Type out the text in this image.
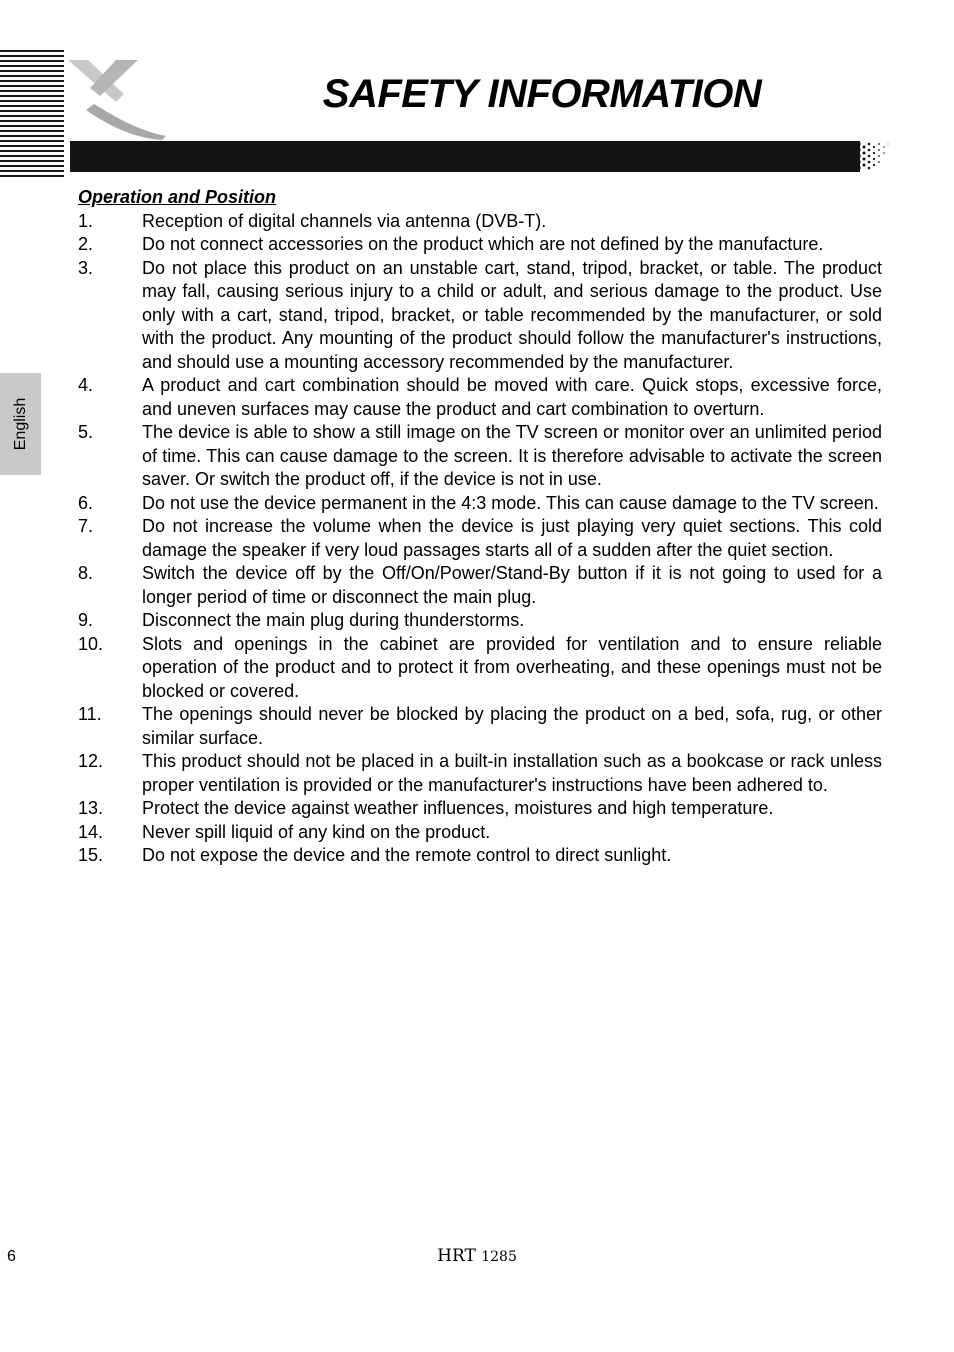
SAFETY INFORMATION
English
Operation and Position
1.	Reception of digital channels via antenna (DVB-T).
2.	Do not connect accessories on the product which are not defined by the manufacture.
3.	Do not place this product on an unstable cart, stand, tripod, bracket, or table. The product may fall, causing serious injury to a child or adult, and serious damage to the product. Use only with a cart, stand, tripod, bracket, or table recommended by the manufacturer, or sold with the product. Any mounting of the product should follow the manufacturer's instructions, and should use a mounting accessory recommended by the manufacturer.
4.	A product and cart combination should be moved with care. Quick stops, excessive force, and uneven surfaces may cause the product and cart combination to overturn.
5.	The device is able to show a still image on the TV screen or monitor over an unlimited period of time. This can cause damage to the screen. It is therefore advisable to activate the screen saver. Or switch the product off, if the device is not in use.
6.	Do not use the device permanent in the 4:3 mode. This can cause damage to the TV screen.
7.	Do not increase the volume when the device is just playing very quiet sections. This cold damage the speaker if very loud passages starts all of a sudden after the quiet section.
8.	Switch the device off by the Off/On/Power/Stand-By button if it is not going to used for a longer period of time or disconnect the main plug.
9.	Disconnect the main plug during thunderstorms.
10.	Slots and openings in the cabinet are provided for ventilation and to ensure reliable operation of the product and to protect it from overheating, and these openings must not be blocked or covered.
11.	The openings should never be blocked by placing the product on a bed, sofa, rug, or other similar surface.
12.	This product should not be placed in a built-in installation such as a bookcase or rack unless proper ventilation is provided or the manufacturer's instructions have been adhered to.
13.	Protect the device against weather influences, moistures and high temperature.
14.	Never spill liquid of any kind on the product.
15.	Do not expose the device and the remote control to direct sunlight.
6	HRT 1285
